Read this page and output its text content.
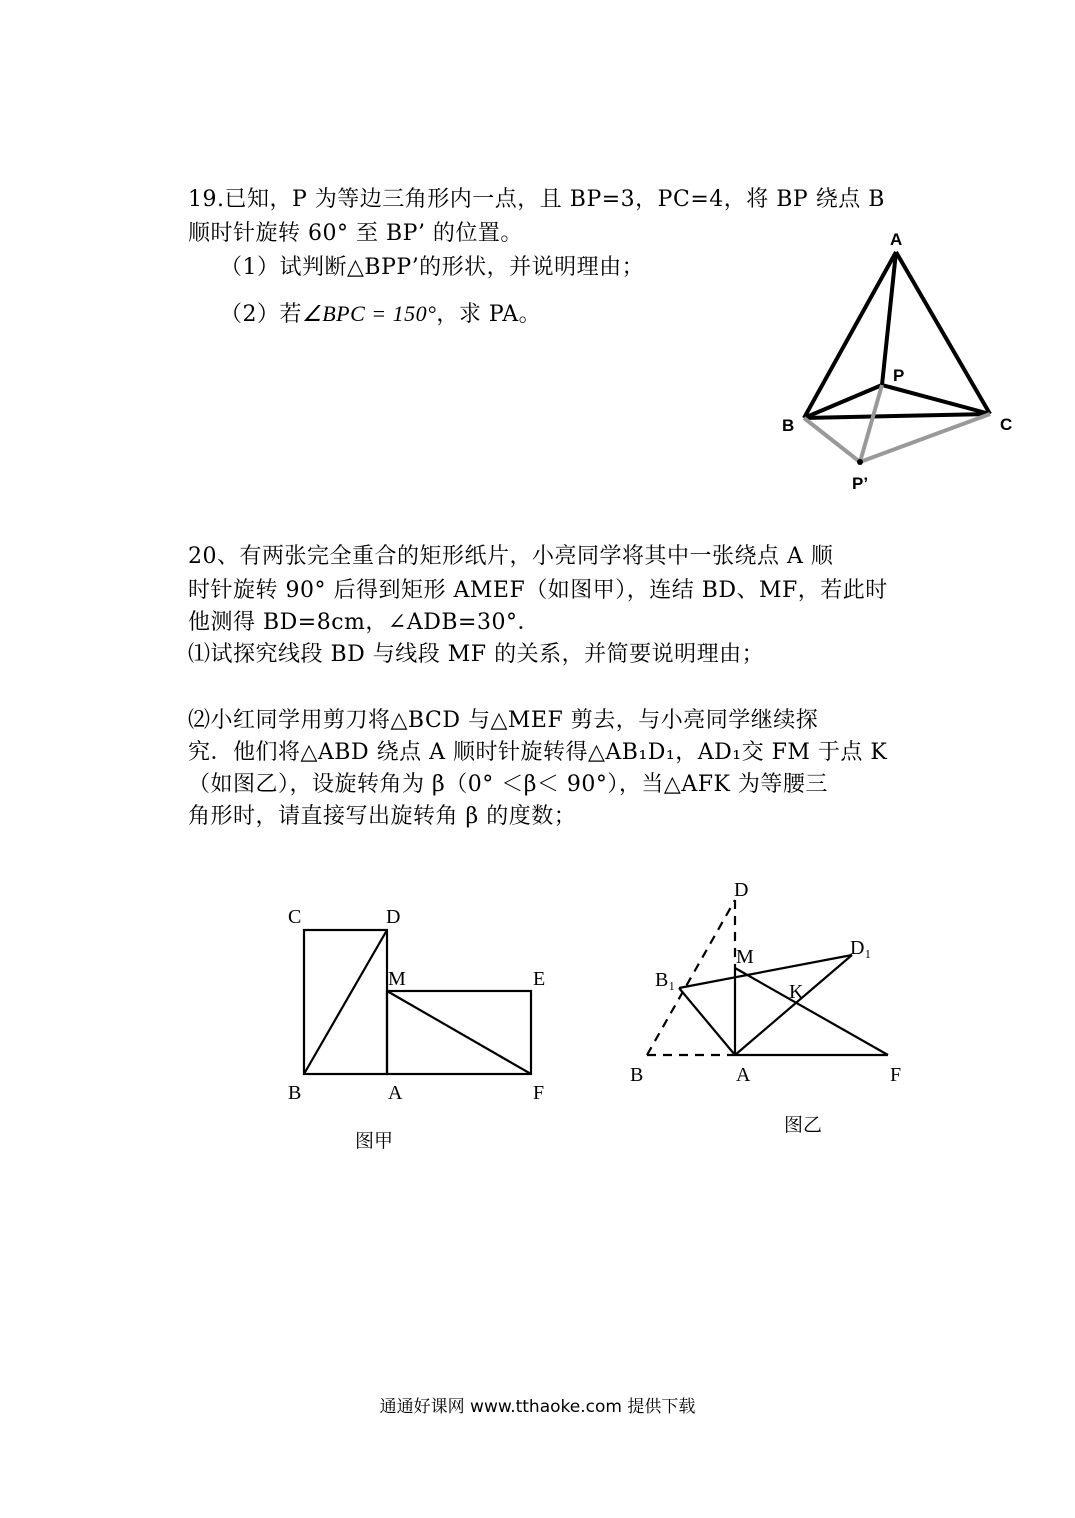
19.已知，P 为等边三角形内一点，且 BP=3，PC=4，将 BP 绕点 B
顺时针旋转 60° 至 BP’ 的位置。
（1）试判断△BPP’的形状，并说明理由；
（2）若∠BPC = 150°，求 PA。
20、有两张完全重合的矩形纸片，小亮同学将其中一张绕点 A 顺
时针旋转 90° 后得到矩形 AMEF（如图甲），连结 BD、MF，若此时
他测得 BD=8cm，∠ADB=30°．
⑴试探究线段 BD 与线段 MF 的关系，并简要说明理由；
⑵小红同学用剪刀将△BCD 与△MEF 剪去，与小亮同学继续探
究．他们将△ABD 绕点 A 顺时针旋转得△AB₁D₁，AD₁交 FM 于点 K
（如图乙），设旋转角为 β（0° ＜β＜ 90°），当△AFK 为等腰三
角形时，请直接写出旋转角 β 的度数；
A
B	C
P
P’
C	D
M	E
B	A	F
D
M	D₁
B₁
K
B	A	F
图甲
图乙
通通好课网 www.tthaoke.com 提供下载
